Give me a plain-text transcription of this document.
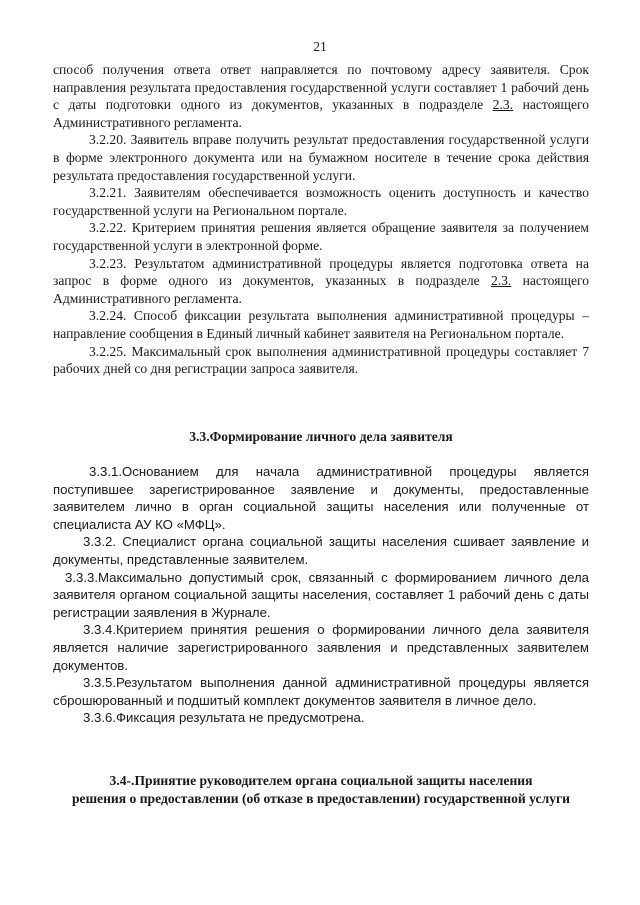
21

способ получения ответа ответ направляется по почтовому адресу заявителя. Срок направления результата предоставления государственной услуги составляет 1 рабочий день с даты подготовки одного из документов, указанных в подразделе 2.3. настоящего Административного регламента.

3.2.20. Заявитель вправе получить результат предоставления государственной услуги в форме электронного документа или на бумажном носителе в течение срока действия результата предоставления государственной услуги.

3.2.21. Заявителям обеспечивается возможность оценить доступность и качество государственной услуги на Региональном портале.

3.2.22. Критерием принятия решения является обращение заявителя за получением государственной услуги в электронной форме.

3.2.23. Результатом административной процедуры является подготовка ответа на запрос в форме одного из документов, указанных в подразделе 2.3. настоящего Административного регламента.

3.2.24. Способ фиксации результата выполнения административной процедуры – направление сообщения в Единый личный кабинет заявителя на Региональном портале.

3.2.25. Максимальный срок выполнения административной процедуры составляет 7 рабочих дней со дня регистрации запроса заявителя.

3.3.Формирование личного дела заявителя

3.3.1.Основанием для начала административной процедуры является поступившее зарегистрированное заявление и документы, предоставленные заявителем лично в орган социальной защиты населения или полученные от специалиста АУ КО «МФЦ».

3.3.2. Специалист органа социальной защиты населения сшивает заявление и документы, представленные заявителем.

3.3.3.Максимально допустимый срок, связанный с формированием личного дела заявителя органом социальной защиты населения, составляет 1 рабочий день с даты регистрации заявления в Журнале.

3.3.4.Критерием принятия решения о формировании личного дела заявителя является наличие зарегистрированного заявления и представленных заявителем документов.

3.3.5.Результатом выполнения данной административной процедуры является сброшюрованный и подшитый комплект документов заявителя в личное дело.

3.3.6.Фиксация результата не предусмотрена.

3.4-.Принятие руководителем органа социальной защиты населения
решения о предоставлении (об отказе в предоставлении) государственной услуги
